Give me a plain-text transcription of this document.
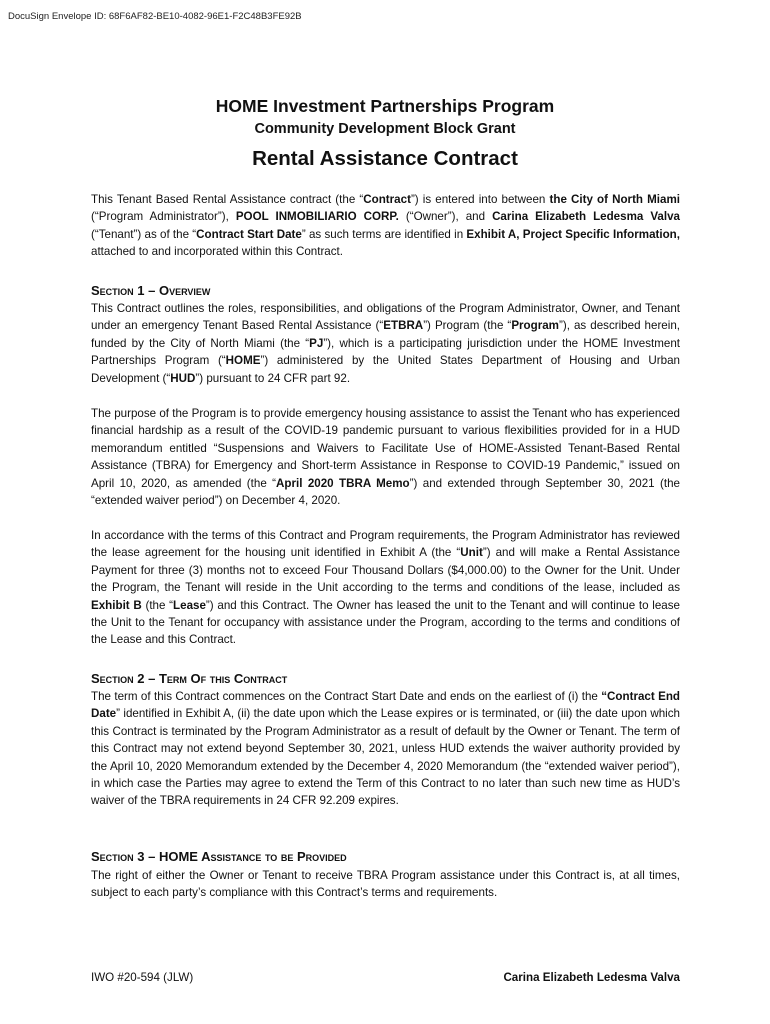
DocuSign Envelope ID: 68F6AF82-BE10-4082-96E1-F2C48B3FE92B
HOME Investment Partnerships Program
Community Development Block Grant
Rental Assistance Contract

This Tenant Based Rental Assistance contract (the “Contract”) is entered into between the City of North Miami (“Program Administrator”), POOL INMOBILIARIO CORP. (“Owner”), and Carina Elizabeth Ledesma Valva (“Tenant”) as of the “Contract Start Date” as such terms are identified in Exhibit A, Project Specific Information, attached to and incorporated within this Contract.

Section 1 – Overview

This Contract outlines the roles, responsibilities, and obligations of the Program Administrator, Owner, and Tenant under an emergency Tenant Based Rental Assistance (“ETBRA”) Program (the “Program”), as described herein, funded by the City of North Miami (the “PJ”), which is a participating jurisdiction under the HOME Investment Partnerships Program (“HOME”) administered by the United States Department of Housing and Urban Development (“HUD”) pursuant to 24 CFR part 92.

The purpose of the Program is to provide emergency housing assistance to assist the Tenant who has experienced financial hardship as a result of the COVID-19 pandemic pursuant to various flexibilities provided for in a HUD memorandum entitled “Suspensions and Waivers to Facilitate Use of HOME-Assisted Tenant-Based Rental Assistance (TBRA) for Emergency and Short-term Assistance in Response to COVID-19 Pandemic,” issued on April 10, 2020, as amended (the “April 2020 TBRA Memo”) and extended through September 30, 2021 (the “extended waiver period”) on December 4, 2020.

In accordance with the terms of this Contract and Program requirements, the Program Administrator has reviewed the lease agreement for the housing unit identified in Exhibit A (the “Unit”) and will make a Rental Assistance Payment for three (3) months not to exceed Four Thousand Dollars ($4,000.00) to the Owner for the Unit. Under the Program, the Tenant will reside in the Unit according to the terms and conditions of the lease, included as Exhibit B (the “Lease”) and this Contract. The Owner has leased the unit to the Tenant and will continue to lease the Unit to the Tenant for occupancy with assistance under the Program, according to the terms and conditions of the Lease and this Contract.

Section 2 – Term Of this Contract

The term of this Contract commences on the Contract Start Date and ends on the earliest of (i) the “Contract End Date” identified in Exhibit A, (ii) the date upon which the Lease expires or is terminated, or (iii) the date upon which this Contract is terminated by the Program Administrator as a result of default by the Owner or Tenant. The term of this Contract may not extend beyond September 30, 2021, unless HUD extends the waiver authority provided by the April 10, 2020 Memorandum extended by the December 4, 2020 Memorandum (the “extended waiver period”), in which case the Parties may agree to extend the Term of this Contract to no later than such new time as HUD’s waiver of the TBRA requirements in 24 CFR 92.209 expires.

Section 3 – HOME Assistance to be Provided

The right of either the Owner or Tenant to receive TBRA Program assistance under this Contract is, at all times, subject to each party’s compliance with this Contract’s terms and requirements.

IWO #20-594 (JLW)	Carina Elizabeth Ledesma Valva
